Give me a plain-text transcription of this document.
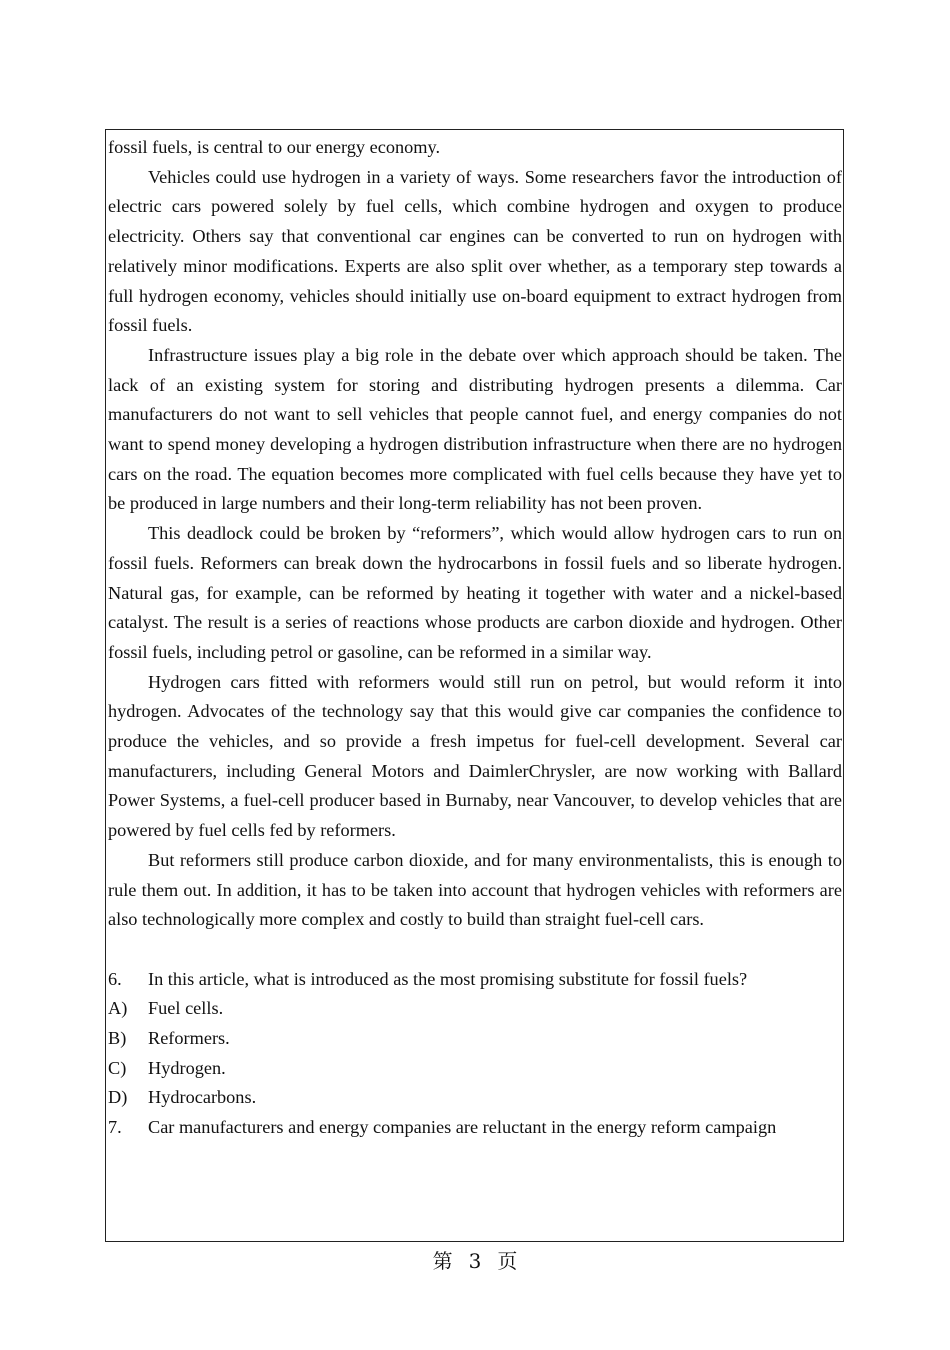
fossil fuels, is central to our energy economy.

Vehicles could use hydrogen in a variety of ways. Some researchers favor the introduction of electric cars powered solely by fuel cells, which combine hydrogen and oxygen to produce electricity. Others say that conventional car engines can be converted to run on hydrogen with relatively minor modifications. Experts are also split over whether, as a temporary step towards a full hydrogen economy, vehicles should initially use on-board equipment to extract hydrogen from fossil fuels.

Infrastructure issues play a big role in the debate over which approach should be taken. The lack of an existing system for storing and distributing hydrogen presents a dilemma. Car manufacturers do not want to sell vehicles that people cannot fuel, and energy companies do not want to spend money developing a hydrogen distribution infrastructure when there are no hydrogen cars on the road. The equation becomes more complicated with fuel cells because they have yet to be produced in large numbers and their long-term reliability has not been proven.

This deadlock could be broken by “reformers”, which would allow hydrogen cars to run on fossil fuels. Reformers can break down the hydrocarbons in fossil fuels and so liberate hydrogen. Natural gas, for example, can be reformed by heating it together with water and a nickel-based catalyst. The result is a series of reactions whose products are carbon dioxide and hydrogen. Other fossil fuels, including petrol or gasoline, can be reformed in a similar way.

Hydrogen cars fitted with reformers would still run on petrol, but would reform it into hydrogen. Advocates of the technology say that this would give car companies the confidence to produce the vehicles, and so provide a fresh impetus for fuel-cell development. Several car manufacturers, including General Motors and DaimlerChrysler, are now working with Ballard Power Systems, a fuel-cell producer based in Burnaby, near Vancouver, to develop vehicles that are powered by fuel cells fed by reformers.

But reformers still produce carbon dioxide, and for many environmentalists, this is enough to rule them out. In addition, it has to be taken into account that hydrogen vehicles with reformers are also technologically more complex and costly to build than straight fuel-cell cars.

6.	In this article, what is introduced as the most promising substitute for fossil fuels?
A)	Fuel cells.
B)	Reformers.
C)	Hydrogen.
D)	Hydrocarbons.
7.	Car manufacturers and energy companies are reluctant in the energy reform campaign
第 3 页
